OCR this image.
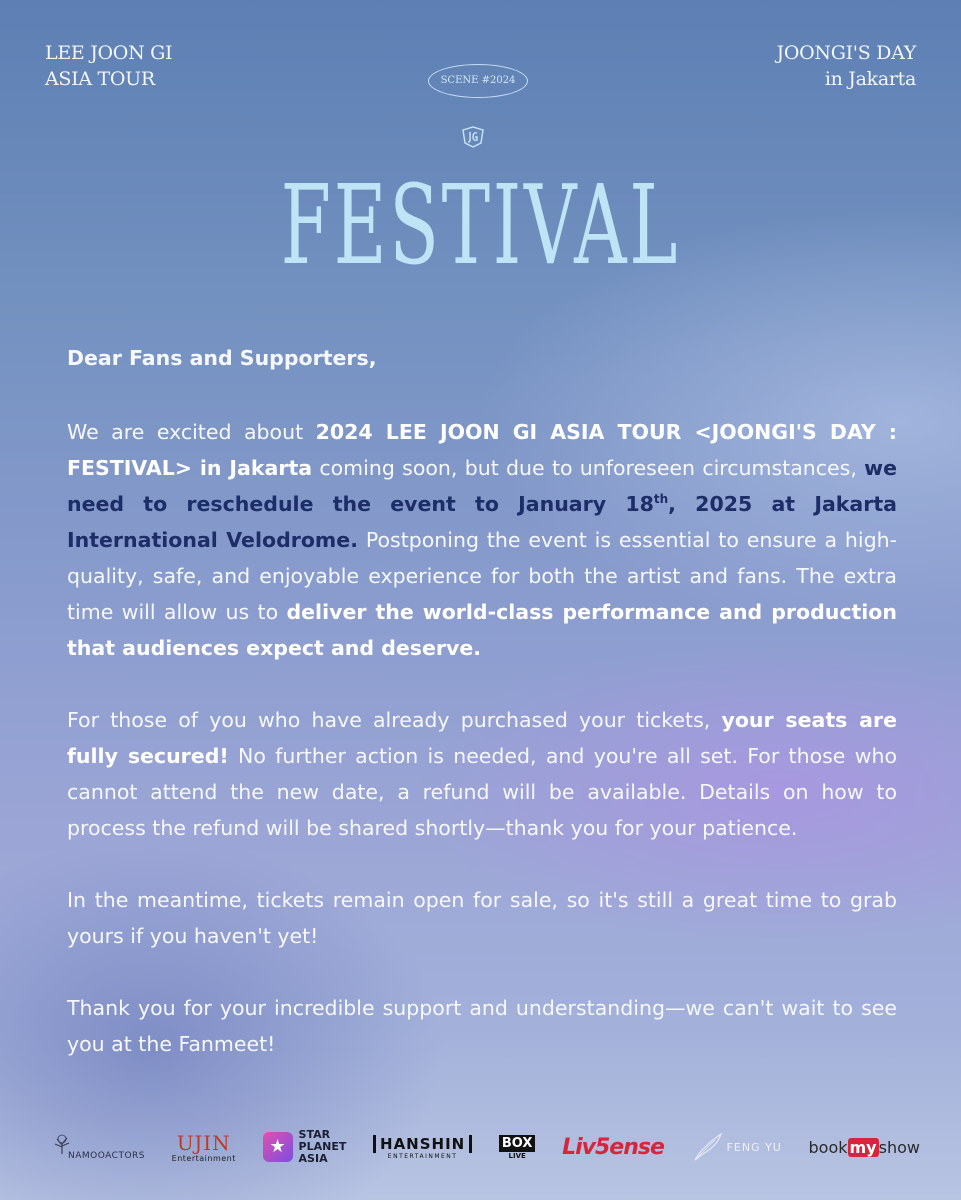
LEE JOON GI
ASIA TOUR
JOONGI'S DAY
in Jakarta
SCENE #2024
FESTIVAL

Dear Fans and Supporters,

We are excited about 2024 LEE JOON GI ASIA TOUR <JOONGI'S DAY : FESTIVAL> in Jakarta coming soon, but due to unforeseen circumstances, we need to reschedule the event to January 18th, 2025 at Jakarta International Velodrome. Postponing the event is essential to ensure a high-quality, safe, and enjoyable experience for both the artist and fans. The extra time will allow us to deliver the world-class performance and production that audiences expect and deserve.

For those of you who have already purchased your tickets, your seats are fully secured! No further action is needed, and you're all set. For those who cannot attend the new date, a refund will be available. Details on how to process the refund will be shared shortly—thank you for your patience.

In the meantime, tickets remain open for sale, so it's still a great time to grab yours if you haven't yet!

Thank you for your incredible support and understanding—we can't wait to see you at the Fanmeet!

NAMOOACTORS
UJIN
Entertainment
★
STAR
PLANET
ASIA
HANSHIN
ENTERTAINMENT
BOX
LIVE Liv5ense	FENG YU book my show
